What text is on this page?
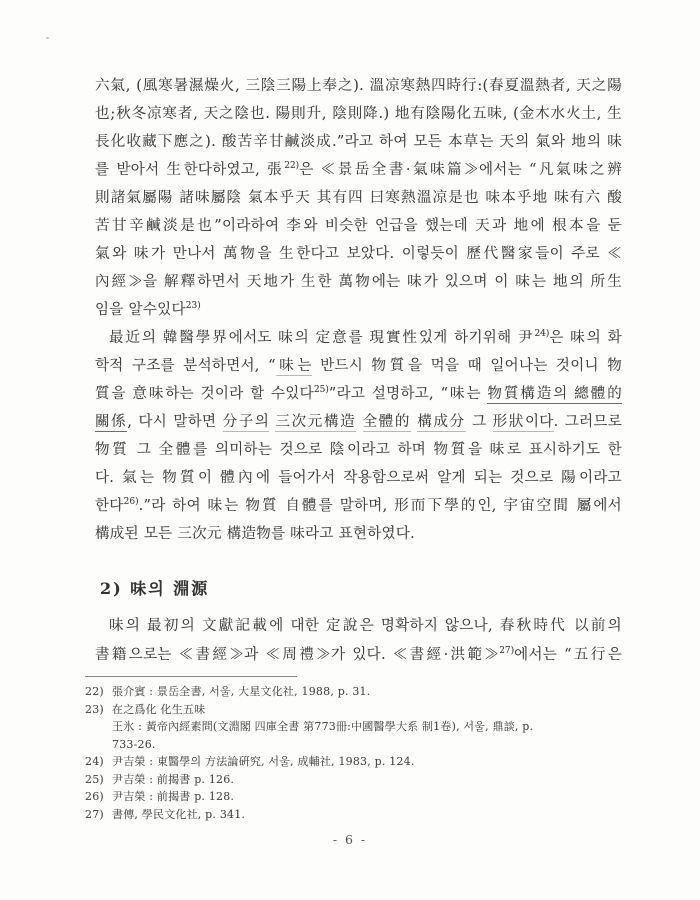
六氣, (風寒暑濕燥火, 三陰三陽上奉之). 溫凉寒熱四時行:(春夏溫熱者, 天之陽
也;秋冬凉寒者, 天之陰也. 陽則升, 陰則降.) 地有陰陽化五味, (金木水火土, 生
長化收藏下應之). 酸苦辛甘鹹淡成.”라고 하여 모든 本草는 天의 氣와 地의 味
를 받아서 生한다하였고, 張$^{22)}$은 ≪景岳全書·氣味篇≫에서는 “凡氣味之辨
則諸氣屬陽 諸味屬陰 氣本乎天 其有四 曰寒熱溫凉是也 味本乎地 味有六 酸
苦甘辛鹹淡是也”이라하여 李와 비슷한 언급을 했는데 天과 地에 根本을 둔
氣와 味가 만나서 萬物을 生한다고 보았다. 이렇듯이 歷代醫家들이 주로 ≪
內經≫을 解釋하면서 天地가 生한 萬物에는 味가 있으며 이 味는 地의 所生
임을 알수있다$^{23)}$
最近의 韓醫學界에서도 味의 定意를 現實性있게 하기위해 尹$^{24)}$은 味의 화
학적 구조를 분석하면서, “味는 반드시 物質을 먹을 때 일어나는 것이니 物
質을 意味하는 것이라 할 수있다$^{25)}$”라고 설명하고, “味는 物質構造의 總體的
關係, 다시 말하면 分子의 三次元構造 全體的 構成分 그 形狀이다. 그러므로
物質 그 全體를 의미하는 것으로 陰이라고 하며 物質을 味로 표시하기도 한
다. 氣는 物質이 體內에 들어가서 작용함으로써 알게 되는 것으로 陽이라고
한다$^{26)}$.”라 하여 味는 物質 自體를 말하며, 形而下學的인, 宇宙空間 屬에서
構成된 모든 三次元 構造物를 味라고 표현하였다.
2) 味의 淵源
味의 最初의 文獻記載에 대한 定說은 명확하지 않으나, 春秋時代 以前의
書籍으로는 ≪書經≫과 ≪周禮≫가 있다. ≪書經·洪範≫$^{27)}$에서는 “五行은
22) 張介賓 : 景岳全書, 서울, 大星文化社, 1988, p. 31.
23) 在之爲化 化生五味
王氷 : 黃帝內經素問(文淵閣 四庫全書 第773冊:中國醫學大系 制1卷), 서울, 鼎談, p.
733-26.
24) 尹吉榮 : 東醫學의 方法論硏究, 서울, 成輔社, 1983, p. 124.
25) 尹吉榮 : 前揭書 p. 126.
26) 尹吉榮 : 前揭書 p. 128.
27) 書傳, 學民文化社, p. 341.
- 6 -
